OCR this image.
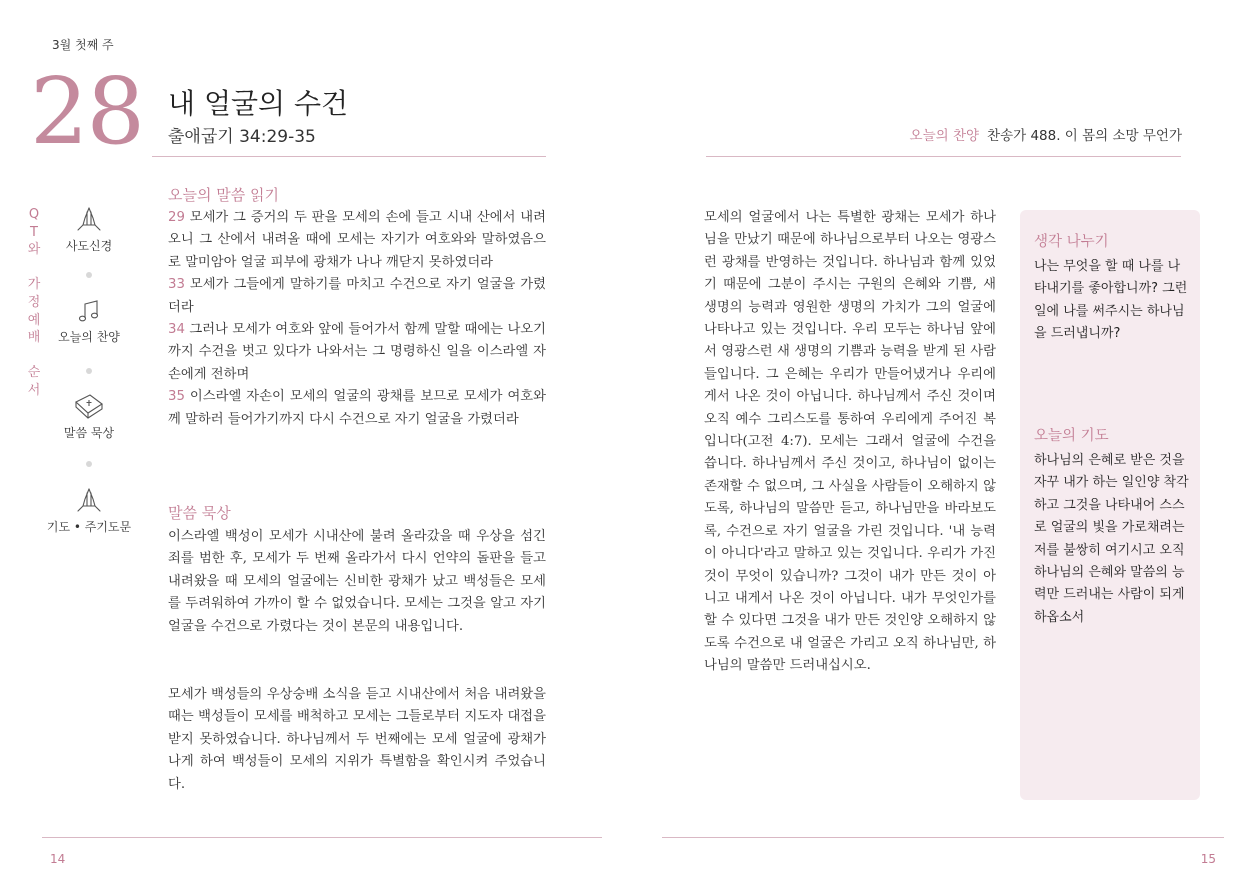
3월 첫째 주
28 내 얼굴의 수건
출애굽기 34:29-35	오늘의 찬양 찬송가 488. 이 몸의 소망 무언가
Q
T
와
가
정
예
배
순
서
사도신경
오늘의 찬양
말씀 묵상
기도 • 주기도문
오늘의 말씀 읽기
29 모세가 그 증거의 두 판을 모세의 손에 들고 시내 산에서 내려오니 그 산에서 내려올 때에 모세는 자기가 여호와와 말하였음으로 말미암아 얼굴 피부에 광채가 나나 깨닫지 못하였더라
33 모세가 그들에게 말하기를 마치고 수건으로 자기 얼굴을 가렸더라
34 그러나 모세가 여호와 앞에 들어가서 함께 말할 때에는 나오기까지 수건을 벗고 있다가 나와서는 그 명령하신 일을 이스라엘 자손에게 전하며
35 이스라엘 자손이 모세의 얼굴의 광채를 보므로 모세가 여호와께 말하러 들어가기까지 다시 수건으로 자기 얼굴을 가렸더라
말씀 묵상
이스라엘 백성이 모세가 시내산에 불려 올라갔을 때 우상을 섬긴 죄를 범한 후, 모세가 두 번째 올라가서 다시 언약의 돌판을 들고 내려왔을 때 모세의 얼굴에는 신비한 광채가 났고 백성들은 모세를 두려워하여 가까이 할 수 없었습니다. 모세는 그것을 알고 자기 얼굴을 수건으로 가렸다는 것이 본문의 내용입니다.
모세가 백성들의 우상숭배 소식을 듣고 시내산에서 처음 내려왔을 때는 백성들이 모세를 배척하고 모세는 그들로부터 지도자 대접을 받지 못하였습니다. 하나님께서 두 번째에는 모세 얼굴에 광채가 나게 하여 백성들이 모세의 지위가 특별함을 확인시켜 주었습니다.
모세의 얼굴에서 나는 특별한 광채는 모세가 하나님을 만났기 때문에 하나님으로부터 나오는 영광스런 광채를 반영하는 것입니다. 하나님과 함께 있었기 때문에 그분이 주시는 구원의 은혜와 기쁨, 새 생명의 능력과 영원한 생명의 가치가 그의 얼굴에 나타나고 있는 것입니다. 우리 모두는 하나님 앞에서 영광스런 새 생명의 기쁨과 능력을 받게 된 사람들입니다. 그 은혜는 우리가 만들어냈거나 우리에게서 나온 것이 아닙니다. 하나님께서 주신 것이며 오직 예수 그리스도를 통하여 우리에게 주어진 복입니다(고전 4:7). 모세는 그래서 얼굴에 수건을 씁니다. 하나님께서 주신 것이고, 하나님이 없이는 존재할 수 없으며, 그 사실을 사람들이 오해하지 않도록, 하나님의 말씀만 듣고, 하나님만을 바라보도록, 수건으로 자기 얼굴을 가린 것입니다. '내 능력이 아니다'라고 말하고 있는 것입니다. 우리가 가진 것이 무엇이 있습니까? 그것이 내가 만든 것이 아니고 내게서 나온 것이 아닙니다. 내가 무엇인가를 할 수 있다면 그것을 내가 만든 것인양 오해하지 않도록 수건으로 내 얼굴은 가리고 오직 하나님만, 하나님의 말씀만 드러내십시오.
생각 나누기
나는 무엇을 할 때 나를 나타내기를 좋아합니까? 그런 일에 나를 써주시는 하나님을 드러냅니까?
오늘의 기도
하나님의 은혜로 받은 것을 자꾸 내가 하는 일인양 착각하고 그것을 나타내어 스스로 얼굴의 빛을 가로채려는 저를 불쌍히 여기시고 오직 하나님의 은혜와 말씀의 능력만 드러내는 사람이 되게 하옵소서
14	15
